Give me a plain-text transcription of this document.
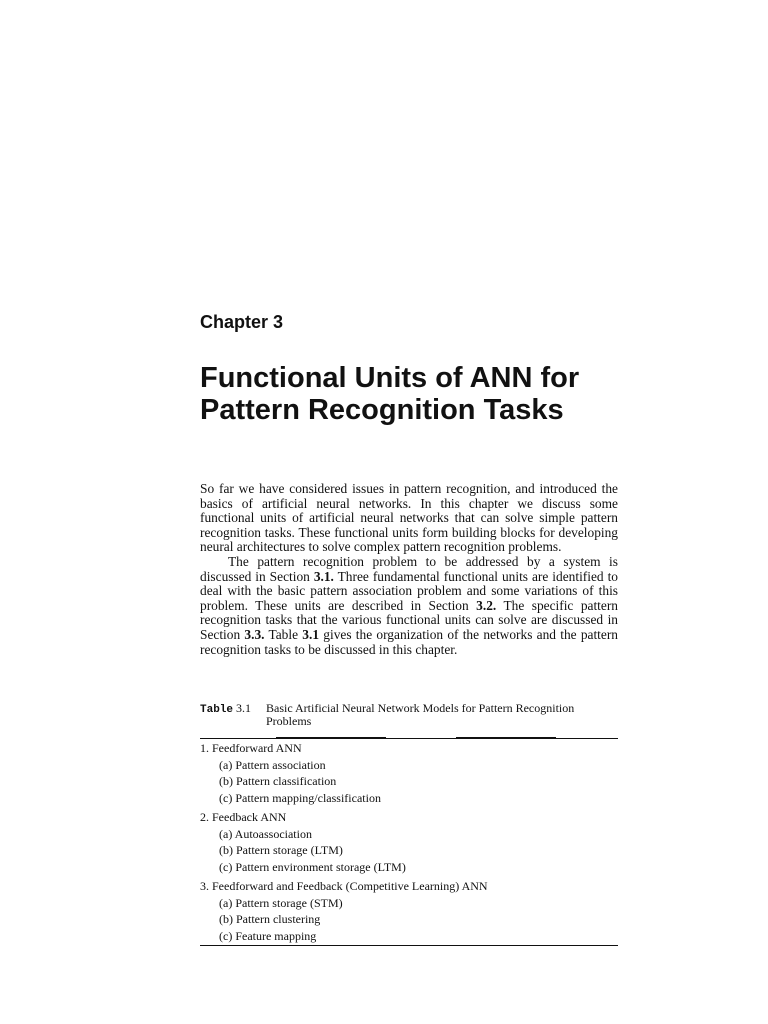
Chapter 3
Functional Units of ANN for
Pattern Recognition Tasks

So far we have considered issues in pattern recognition, and introduced the basics of artificial neural networks. In this chapter we discuss some functional units of artificial neural networks that can solve simple pattern recognition tasks. These functional units form building blocks for developing neural architectures to solve complex pattern recognition problems.

The pattern recognition problem to be addressed by a system is discussed in Section 3.1. Three fundamental functional units are identified to deal with the basic pattern association problem and some variations of this problem. These units are described in Section 3.2. The specific pattern recognition tasks that the various functional units can solve are discussed in Section 3.3. Table 3.1 gives the organization of the networks and the pattern recognition tasks to be discussed in this chapter.

Table 3.1	Basic Artificial Neural Network Models for Pattern Recognition Problems
1. Feedforward ANN
(a) Pattern association
(b) Pattern classification
(c) Pattern mapping/classification
2. Feedback ANN
(a) Autoassociation
(b) Pattern storage (LTM)
(c) Pattern environment storage (LTM)
3. Feedforward and Feedback (Competitive Learning) ANN
(a) Pattern storage (STM)
(b) Pattern clustering
(c) Feature mapping
